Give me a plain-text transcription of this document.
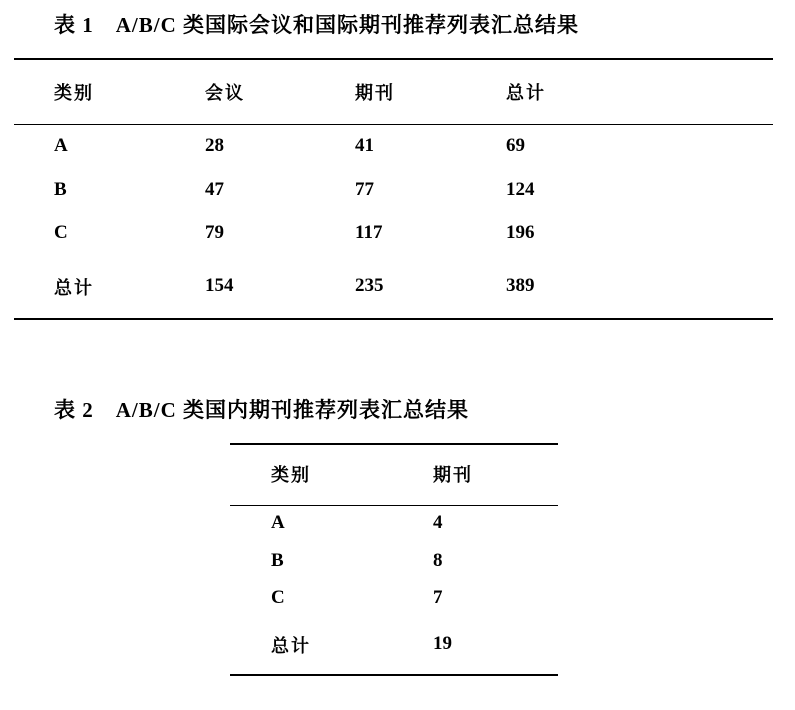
表 1 A/B/C 类国际会议和国际期刊推荐列表汇总结果
类别	会议	期刊	总计
A	28	41	69
B	47	77	124
C	79	117	196
总计	154	235	389
表 2 A/B/C 类国内期刊推荐列表汇总结果
类别	期刊
A	4
B	8
C	7
总计	19
